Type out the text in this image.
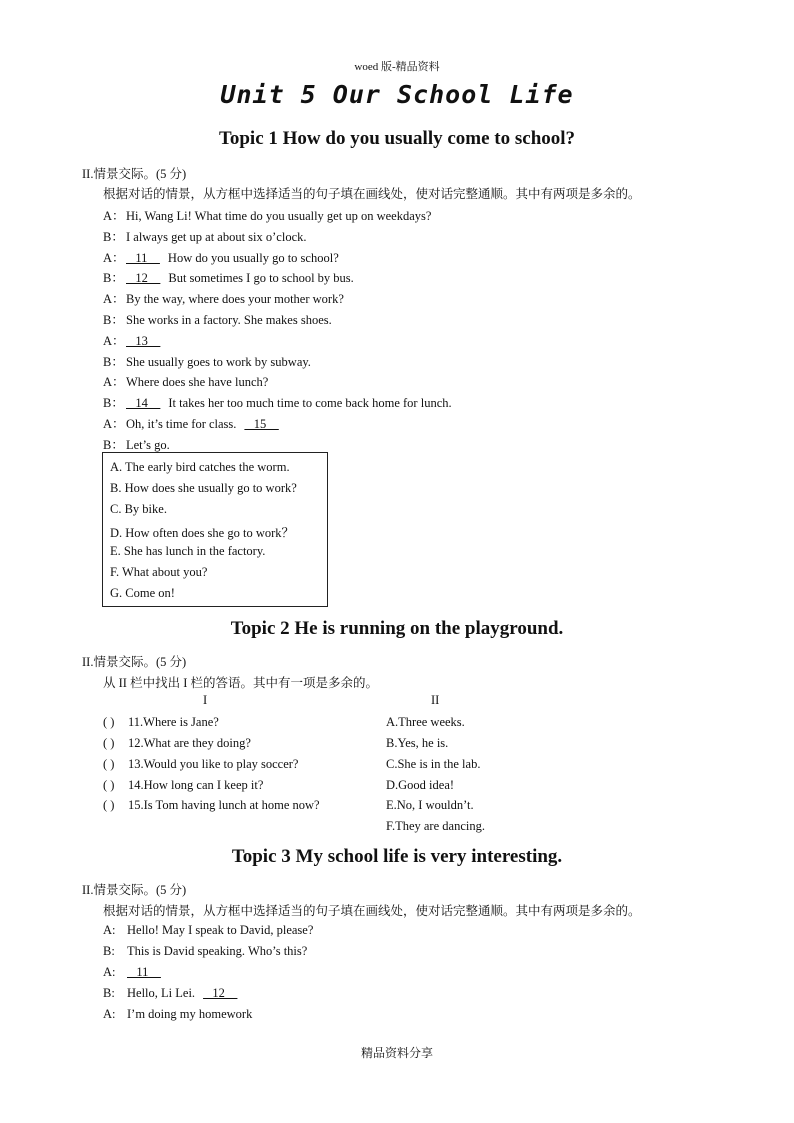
woed 版-精品资料
Unit 5 Our School Life
Topic 1 How do you usually come to school?
II.情景交际。(5 分)
根据对话的情景，从方框中选择适当的句子填在画线处，使对话完整通顺。其中有两项是多余的。
A：Hi, Wang Li! What time do you usually get up on weekdays?
B： I always get up at about six o’clock.
A：   11    How do you usually go to school?
B：   12    But sometimes I go to school by bus.
A：By the way, where does your mother work?
B： She works in a factory. She makes shoes.
A：   13
B： She usually goes to work by subway.
A：Where does she have lunch?
B：   14    It takes her too much time to come back home for lunch.
A：Oh, it’s time for class.   15
B： Let’s go.
A. The early bird catches the worm.
B. How does she usually go to work?
C. By bike.
D. How often does she go to work？
E. She has lunch in the factory.
F. What about you?
G. Come on!
Topic 2 He is running on the playground.
II.情景交际。(5 分)
从 II 栏中找出 I 栏的答语。其中有一项是多余的。
I	II
( ) 11.Where is Jane?
( ) 12.What are they doing?
( ) 13.Would you like to play soccer?
( ) 14.How long can I keep it?
( ) 15.Is Tom having lunch at home now?
A.Three weeks.
B.Yes, he is.
C.She is in the lab.
D.Good idea!
E.No, I wouldn’t.
F.They are dancing.
Topic 3 My school life is very interesting.
II.情景交际。(5 分)
根据对话的情景，从方框中选择适当的句子填在画线处，使对话完整通顺。其中有两项是多余的。
A: Hello! May I speak to David, please?
B: This is David speaking. Who’s this?
A:   11
B: Hello, Li Lei.   12
A: I’m doing my homework
精品资料分享
